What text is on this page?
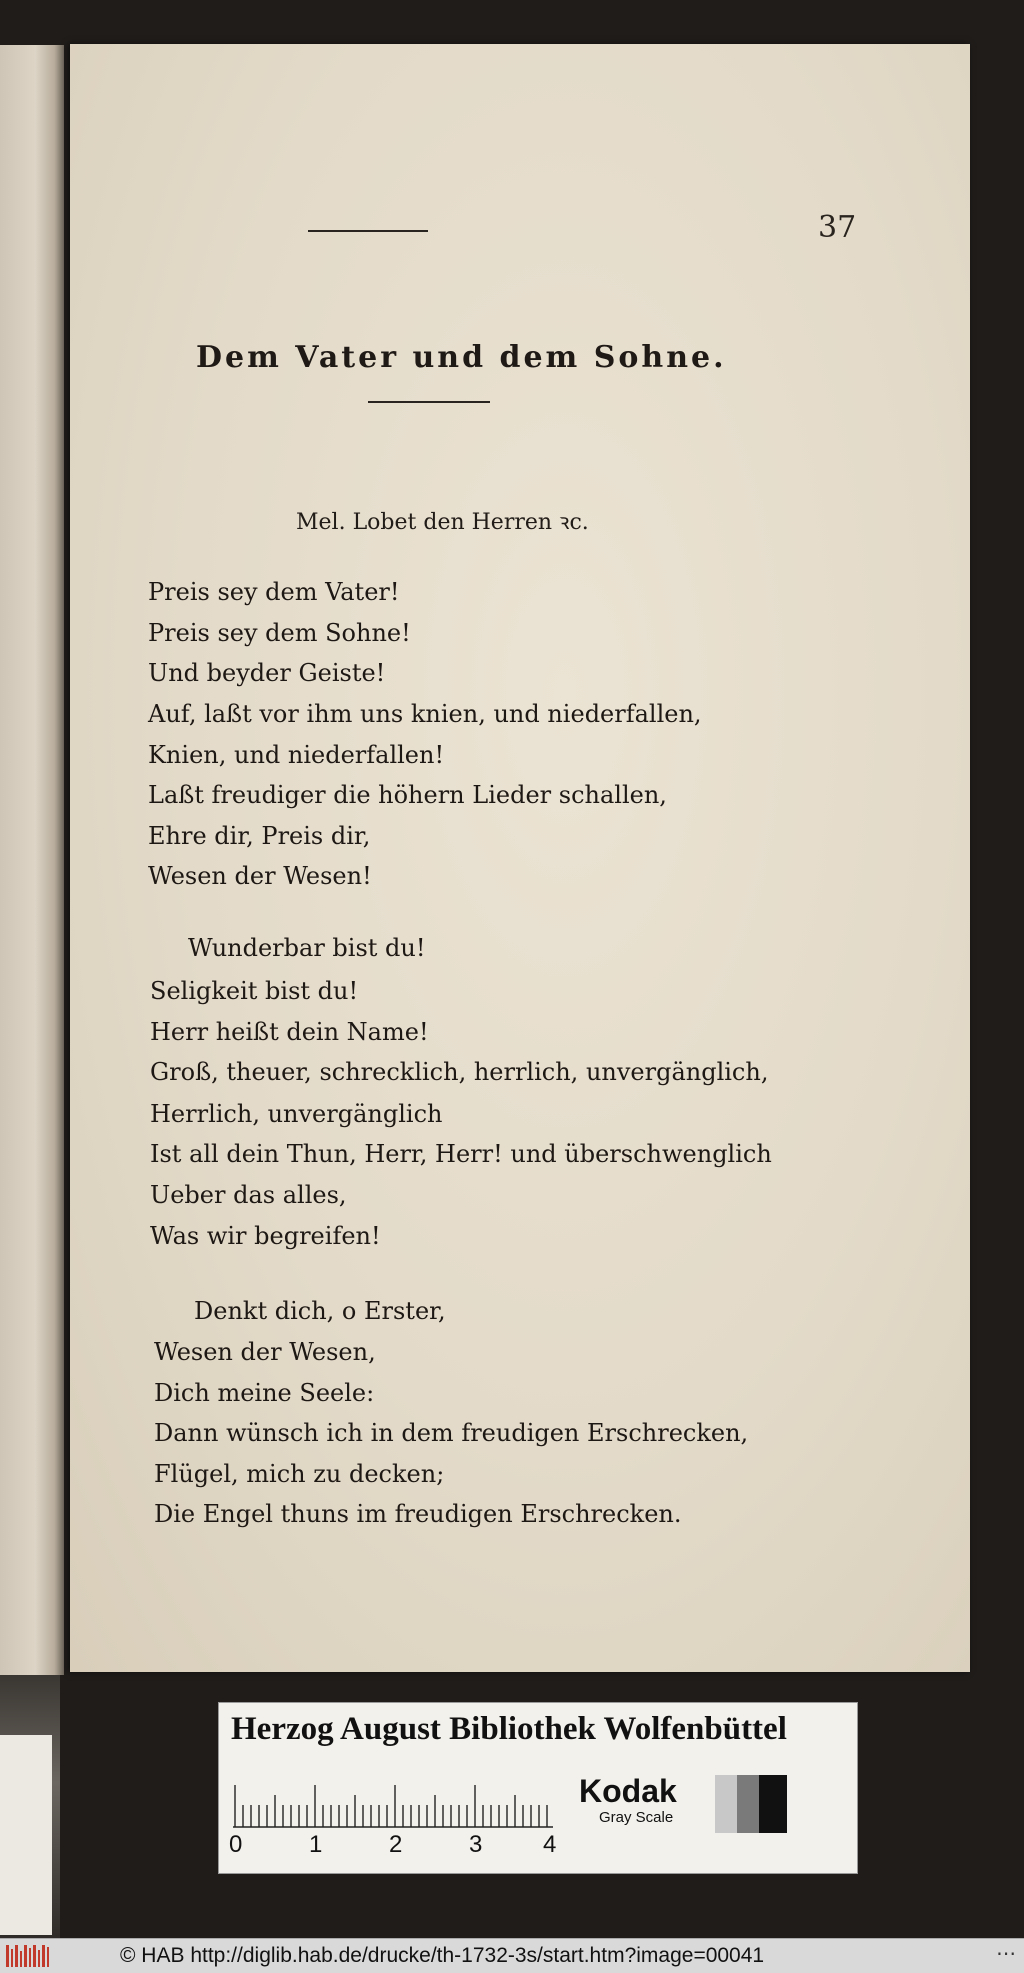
37
Dem Vater und dem Sohne.
Mel. Lobet den Herren ꝛc.
Preis sey dem Vater!
Preis sey dem Sohne!
Und beyder Geiste!
Auf, laßt vor ihm uns knien, und niederfallen,
Knien, und niederfallen!
Laßt freudiger die höhern Lieder schallen,
Ehre dir, Preis dir,
Wesen der Wesen!
Wunderbar bist du!
Seligkeit bist du!
Herr heißt dein Name!
Groß, theuer, schrecklich, herrlich, unvergänglich,
Herrlich, unvergänglich
Ist all dein Thun, Herr, Herr! und überschwenglich
Ueber das alles,
Was wir begreifen!
Denkt dich, o Erster,
Wesen der Wesen,
Dich meine Seele:
Dann wünsch ich in dem freudigen Erschrecken,
Flügel, mich zu decken;
Die Engel thuns im freudigen Erschrecken.
Herzog August Bibliothek Wolfenbüttel
0	1	2	3	4
Kodak
Gray Scale
© HAB http://diglib.hab.de/drucke/th-1732-3s/start.htm?image=00041	⋯
